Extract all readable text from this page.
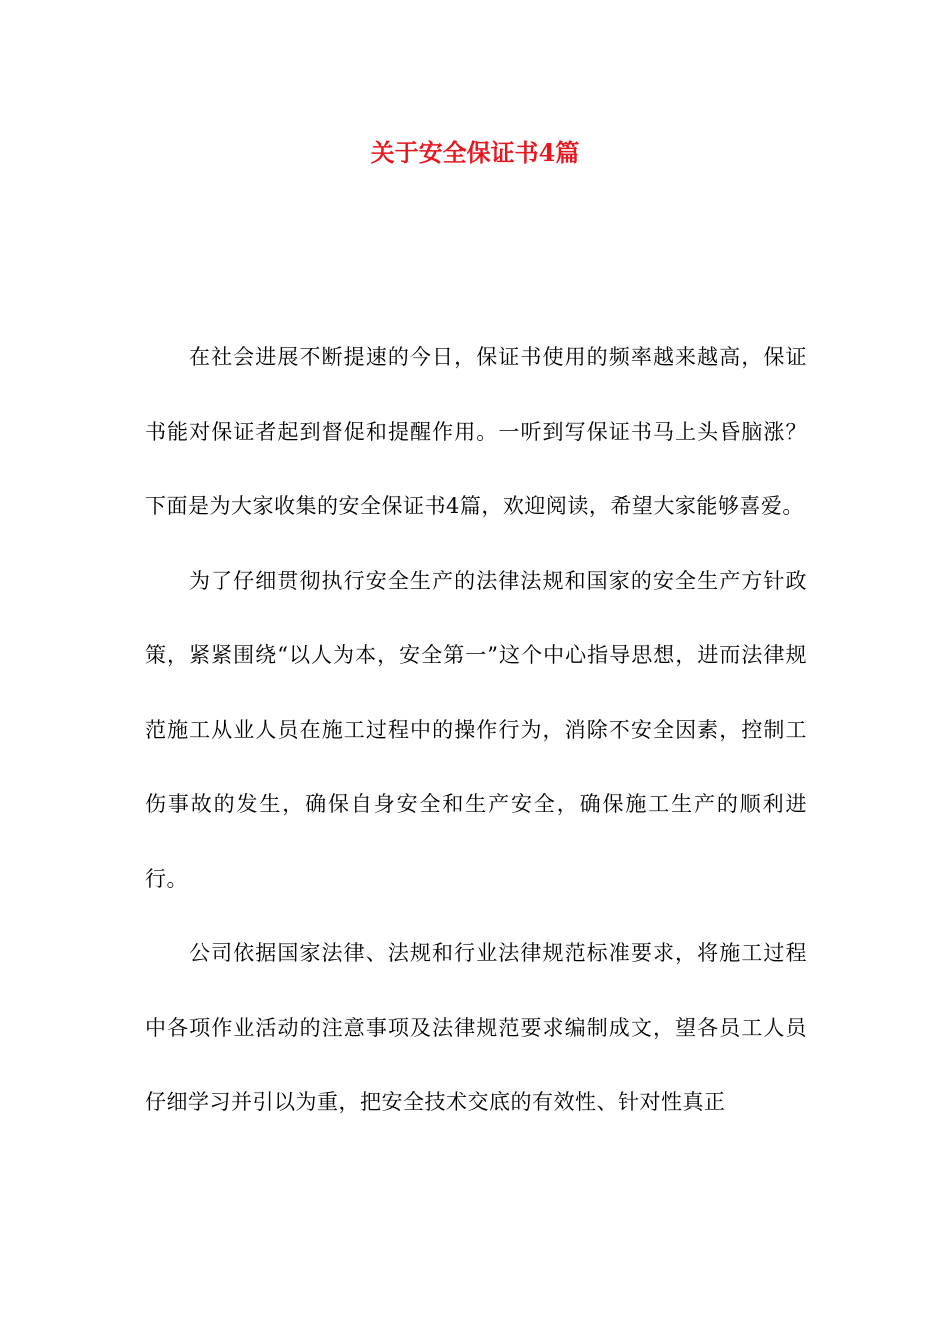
关于安全保证书4篇

在社会进展不断提速的今日，保证书使用的频率越来越高，保证书能对保证者起到督促和提醒作用。一听到写保证书马上头昏脑涨？下面是为大家收集的安全保证书4篇，欢迎阅读，希望大家能够喜爱。

为了仔细贯彻执行安全生产的法律法规和国家的安全生产方针政策，紧紧围绕“以人为本，安全第一”这个中心指导思想，进而法律规范施工从业人员在施工过程中的操作行为，消除不安全因素，控制工伤事故的发生，确保自身安全和生产安全，确保施工生产的顺利进行。

公司依据国家法律、法规和行业法律规范标准要求，将施工过程中各项作业活动的注意事项及法律规范要求编制成文，望各员工人员仔细学习并引以为重，把安全技术交底的有效性、针对性真正
